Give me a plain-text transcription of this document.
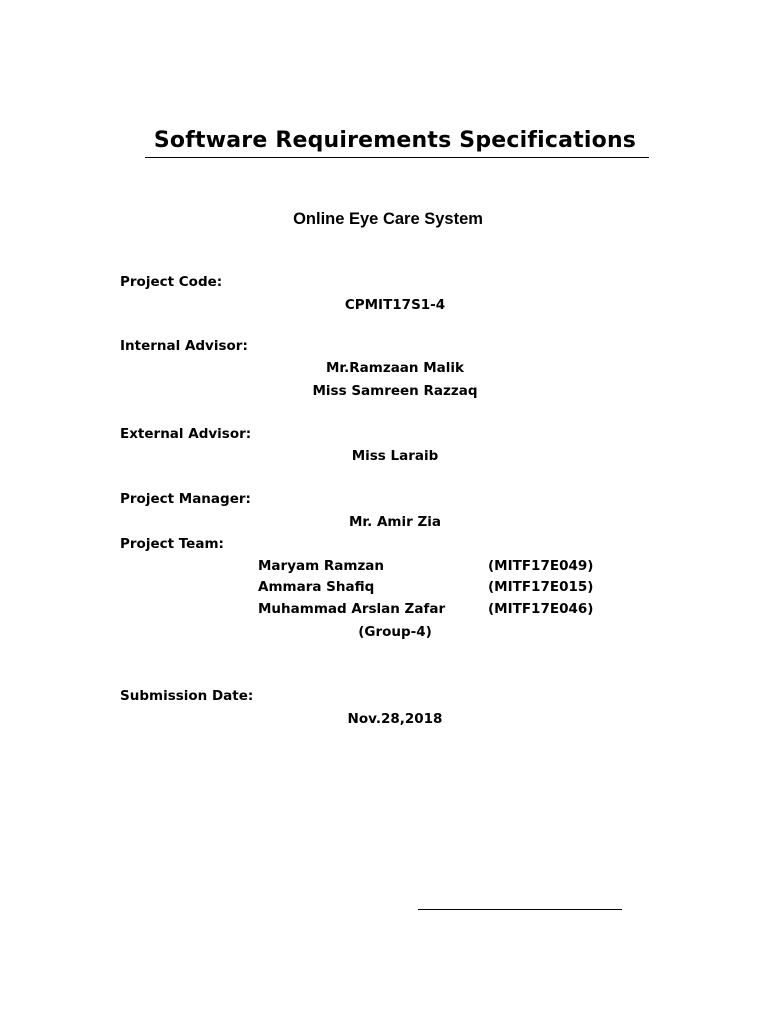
Software Requirements Specifications
Online Eye Care System
Project Code:
CPMIT17S1-4
Internal Advisor:
Mr.Ramzaan Malik
Miss Samreen Razzaq
External Advisor:
Miss Laraib
Project Manager:
Mr. Amir Zia
Project Team:
Maryam Ramzan	(MITF17E049)
Ammara Shafiq	(MITF17E015)
Muhammad Arslan Zafar	(MITF17E046)
(Group-4)
Submission Date:
Nov.28,2018
